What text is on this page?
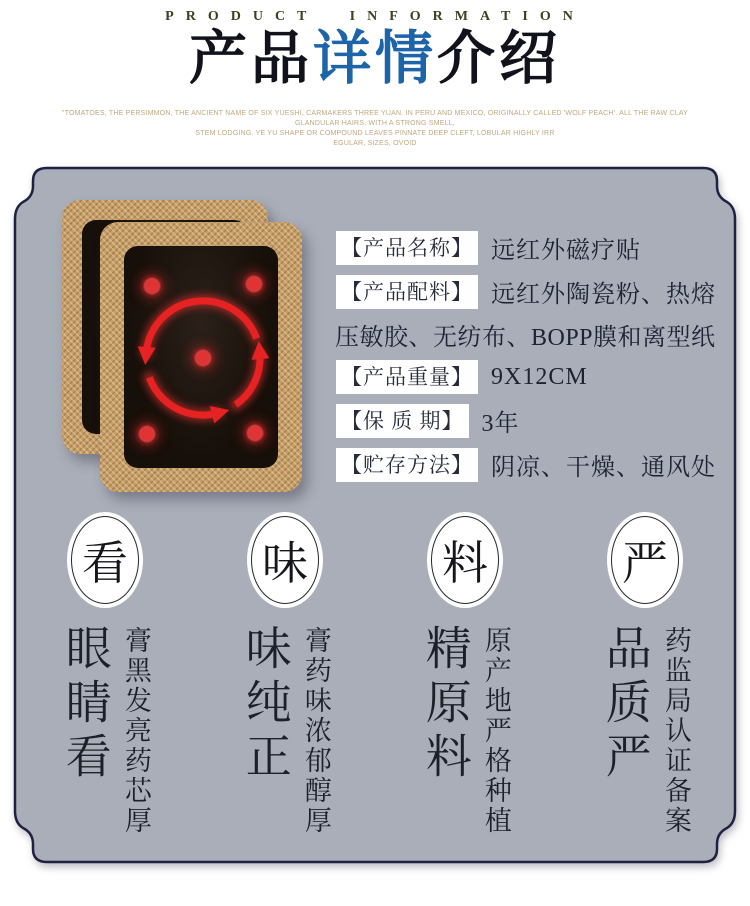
PRODUCT INFORMATION
产品详情介绍
"TOMATOES, THE PERSIMMON, THE ANCIENT NAME OF SIX YUESHI, CARMAKERS THREE YUAN. IN PERU AND MEXICO, ORIGINALLY CALLED 'WOLF PEACH'. ALL THE RAW CLAY GLANDULAR HAIRS, WITH A STRONG SMELL,
STEM LODGING. YE YU SHAPE OR COMPOUND LEAVES PINNATE DEEP CLEFT, LOBULAR HIGHLY IRR
EGULAR, SIZES, OVOID
【产品名称】 远红外磁疗贴
【产品配料】 远红外陶瓷粉、热熔
压敏胶、无纺布、BOPP膜和离型纸
【产品重量】 9X12CM
【保 质 期】 3年
【贮存方法】 阴凉、干燥、通风处
看	味	料	严
眼睛看 膏黑发亮药芯厚 味纯正 膏药味浓郁醇厚 精原料 原产地严格种植 品质严 药监局认证备案
